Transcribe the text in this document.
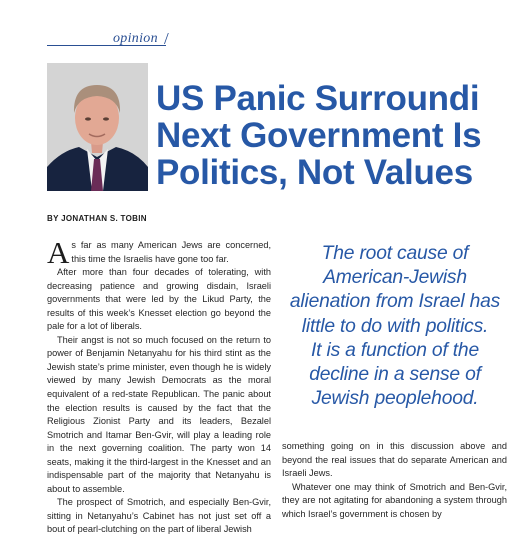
opinion /
US Panic Surroundi
Next Government Is
Politics, Not Values
BY JONATHAN S. TOBIN

As far as many American Jews are concerned, this time the Israelis have gone too far.

After more than four decades of tolerating, with decreasing patience and growing disdain, Israeli governments that were led by the Likud Party, the results of this week’s Knesset election go beyond the pale for a lot of liberals.

Their angst is not so much focused on the return to power of Benjamin Netanyahu for his third stint as the Jewish state’s prime minister, even though he is widely viewed by many Jewish Democrats as the moral equivalent of a red-state Republican. The panic about the election results is caused by the fact that the Religious Zionist Party and its leaders, Bezalel Smotrich and Itamar Ben-Gvir, will play a leading role in the next governing coalition. The party won 14 seats, making it the third-largest in the Knesset and an indispensable part of the majority that Netanyahu is about to assemble.

The prospect of Smotrich, and especially Ben-Gvir, sitting in Netanyahu’s Cabinet has not just set off a bout of pearl-clutching on the part of liberal Jewish

The root cause of
American-Jewish
alienation from Israel has
little to do with politics.
It is a function of the
decline in a sense of
Jewish peoplehood.

something going on in this discussion above and beyond the real issues that do separate American and Israeli Jews.

Whatever one may think of Smotrich and Ben-Gvir, they are not agitating for abandoning a system through which Israel’s government is chosen by
